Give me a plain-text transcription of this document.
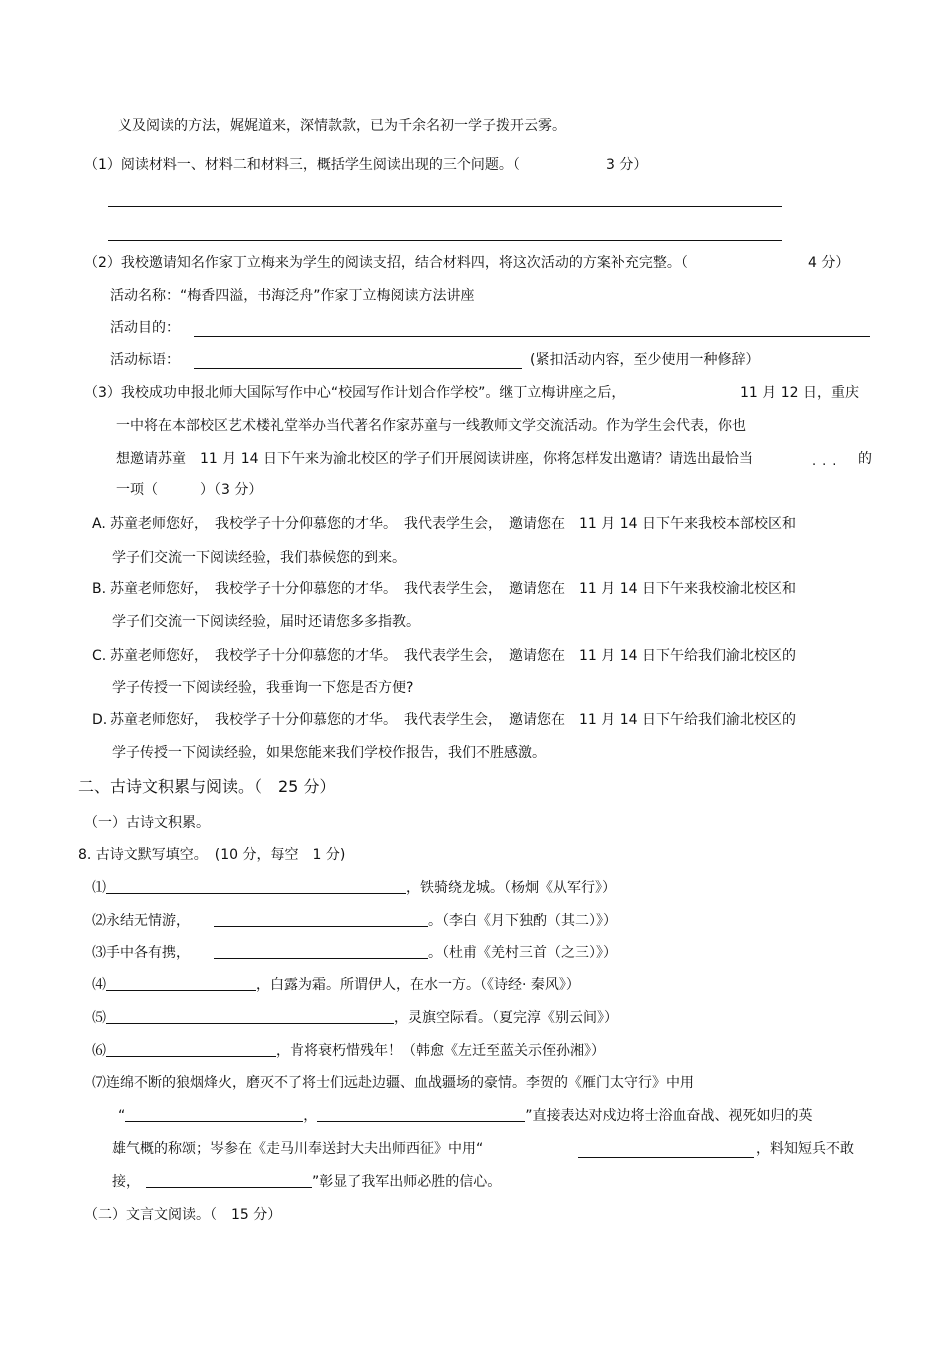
义及阅读的方法，娓娓道来，深情款款，已为千余名初一学子拨开云雾。
（1）阅读材料一、材料二和材料三，概括学生阅读出现的三个问题。（	3 分）
（2）我校邀请知名作家丁立梅来为学生的阅读支招，结合材料四，将这次活动的方案补充完整。（	4 分）
活动名称：“梅香四溢，书海泛舟”作家丁立梅阅读方法讲座
活动目的：
活动标语：	(紧扣活动内容，至少使用一种修辞）
（3）我校成功申报北师大国际写作中心“校园写作计划合作学校”。继丁立梅讲座之后，	11 月 12 日，重庆
一中将在本部校区艺术楼礼堂举办当代著名作家苏童与一线教师文学交流活动。作为学生会代表，你也
想邀请苏童　11 月 14 日下午来为渝北校区的学子们开展阅读讲座，你将怎样发出邀请？请选出最恰当	... 的
一项（　　　）（3 分）
A. 苏童老师您好，　我校学子十分仰慕您的才华。　我代表学生会，　邀请您在　11 月 14 日下午来我校本部校区和
学子们交流一下阅读经验，我们恭候您的到来。
B. 苏童老师您好，　我校学子十分仰慕您的才华。　我代表学生会，　邀请您在　11 月 14 日下午来我校渝北校区和
学子们交流一下阅读经验，届时还请您多多指教。
C. 苏童老师您好，　我校学子十分仰慕您的才华。　我代表学生会，　邀请您在　11 月 14 日下午给我们渝北校区的
学子传授一下阅读经验，我垂询一下您是否方便?
D. 苏童老师您好，　我校学子十分仰慕您的才华。　我代表学生会，　邀请您在　11 月 14 日下午给我们渝北校区的
学子传授一下阅读经验，如果您能来我们学校作报告，我们不胜感激。
二、古诗文积累与阅读。（　25 分）
（一）古诗文积累。
8. 古诗文默写填空。　(10 分，每空　1 分)
⑴	，铁骑绕龙城。（杨炯《从军行》）
⑵永结无情游，	。（李白《月下独酌（其二）》）
⑶手中各有携，	。（杜甫《羌村三首（之三）》）
⑷	，白露为霜。所谓伊人，在水一方。（《诗经· 秦风》）
⑸	，灵旗空际看。（夏完淳《别云间》）
⑹	，肯将衰朽惜残年！（韩愈《左迁至蓝关示侄孙湘》）
⑺连绵不断的狼烟烽火，磨灭不了将士们远赴边疆、血战疆场的豪情。李贺的《雁门太守行》中用
“	，	”直接表达对戍边将士浴血奋战、视死如归的英
雄气概的称颂；岑参在《走马川奉送封大夫出师西征》中用“	，料知短兵不敢
接，	”彰显了我军出师必胜的信心。
（二）文言文阅读。（　15 分）
